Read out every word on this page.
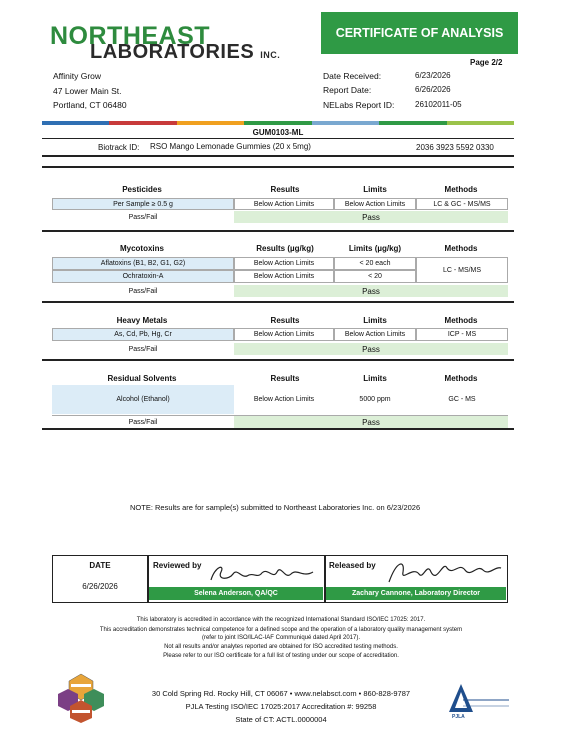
NORTHEAST
LABORATORIES INC.
CERTIFICATE OF ANALYSIS
Page 2/2
Affinity Grow
47 Lower Main St.
Portland, CT 06480
Date Received:	6/23/2026
Report Date:	6/26/2026
NELabs Report ID:	26102011-05
GUM0103-ML
Biotrack ID: RSO Mango Lemonade Gummies (20 x 5mg)	2036 3923 5592 0330
Pesticides	Results	Limits	Methods
Per Sample ≥ 0.5 g	Below Action Limits	Below Action Limits	LC & GC - MS/MS
Pass/Fail	Pass
Mycotoxins	Results (µg/kg)	Limits (µg/kg)	Methods
Aflatoxins (B1, B2, G1, G2)	Below Action Limits	< 20 each
Ochratoxin-A	Below Action Limits	< 20
LC - MS/MS
Pass/Fail	Pass
Heavy Metals	Results	Limits	Methods
As, Cd, Pb, Hg, Cr	Below Action Limits	Below Action Limits	ICP - MS
Pass/Fail	Pass
Residual Solvents	Results	Limits	Methods
Alcohol (Ethanol)	Below Action Limits	5000 ppm	GC - MS
Pass/Fail	Pass
NOTE: Results are for sample(s) submitted to Northeast Laboratories Inc. on 6/23/2026
DATE
6/26/2026
Reviewed by
Selena Anderson, QA/QC
Released by
Zachary Cannone, Laboratory Director
This laboratory is accredited in accordance with the recognized International Standard ISO/IEC 17025: 2017.
This accreditation demonstrates technical competence for a defined scope and the operation of a laboratory quality management system
(refer to joint ISO/ILAC-IAF Communiqué dated April 2017).
Not all results and/or analytes reported are obtained for ISO accredited testing methods.
Please refer to our ISO certificate for a full list of testing under our scope of accreditation.
30 Cold Spring Rd. Rocky Hill, CT 06067 • www.nelabsct.com • 860-828-9787
PJLA Testing ISO/IEC 17025:2017 Accreditation #: 99258
State of CT: ACTL.0000004	PJLA
